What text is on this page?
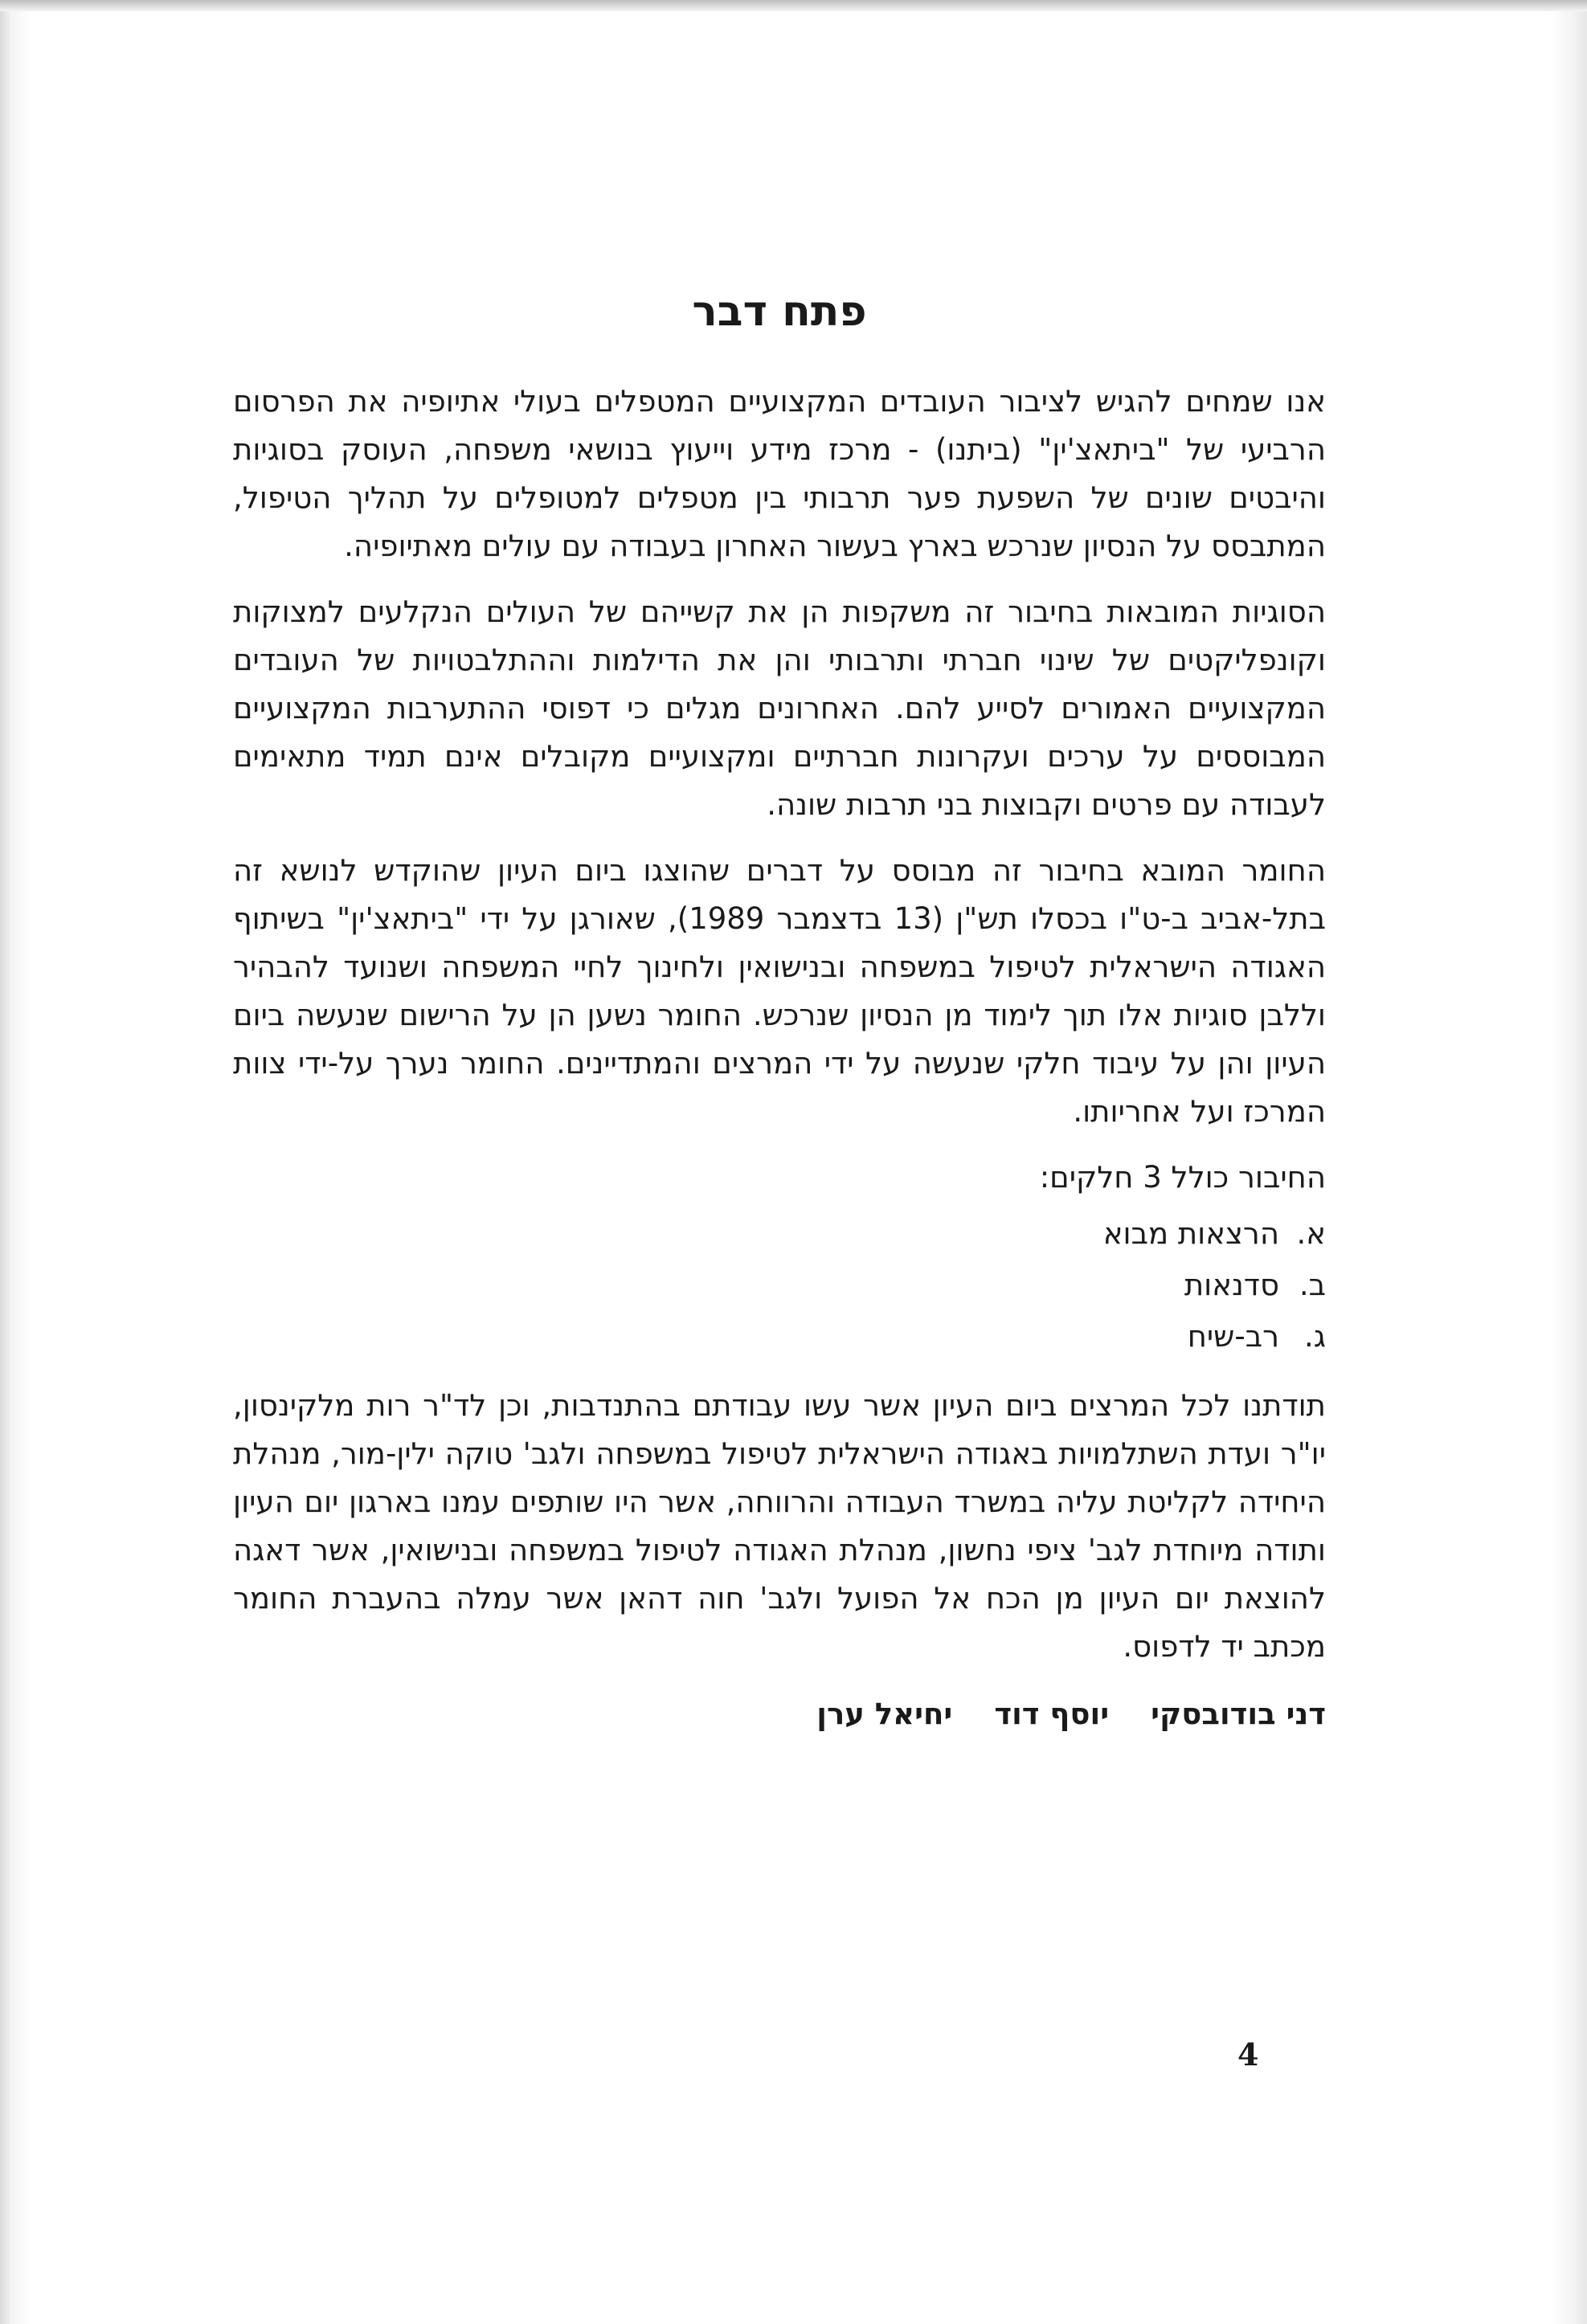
פתח דבר

אנו שמחים להגיש לציבור העובדים המקצועיים המטפלים בעולי אתיופיה את הפרסום הרביעי של "ביתאצ'ין" (ביתנו) - מרכז מידע וייעוץ בנושאי משפחה, העוסק בסוגיות והיבטים שונים של השפעת פער תרבותי בין מטפלים למטופלים על תהליך הטיפול, המתבסס על הנסיון שנרכש בארץ בעשור האחרון בעבודה עם עולים מאתיופיה.

הסוגיות המובאות בחיבור זה משקפות הן את קשייהם של העולים הנקלעים למצוקות וקונפליקטים של שינוי חברתי ותרבותי והן את הדילמות וההתלבטויות של העובדים המקצועיים האמורים לסייע להם. האחרונים מגלים כי דפוסי ההתערבות המקצועיים המבוססים על ערכים ועקרונות חברתיים ומקצועיים מקובלים אינם תמיד מתאימים לעבודה עם פרטים וקבוצות בני תרבות שונה.

החומר המובא בחיבור זה מבוסס על דברים שהוצגו ביום העיון שהוקדש לנושא זה בתל-אביב ב-ט"ו בכסלו תש"ן (13 בדצמבר 1989), שאורגן על ידי "ביתאצ'ין" בשיתוף האגודה הישראלית לטיפול במשפחה ובנישואין ולחינוך לחיי המשפחה ושנועד להבהיר וללבן סוגיות אלו תוך לימוד מן הנסיון שנרכש. החומר נשען הן על הרישום שנעשה ביום העיון והן על עיבוד חלקי שנעשה על ידי המרצים והמתדיינים. החומר נערך על-ידי צוות המרכז ועל אחריותו.

החיבור כולל 3 חלקים:

א.
הרצאות מבוא
ב.
סדנאות
ג.
רב-שיח

תודתנו לכל המרצים ביום העיון אשר עשו עבודתם בהתנדבות, וכן לד"ר רות מלקינסון, יו"ר ועדת השתלמויות באגודה הישראלית לטיפול במשפחה ולגב' טוקה ילין-מור, מנהלת היחידה לקליטת עליה במשרד העבודה והרווחה, אשר היו שותפים עמנו בארגון יום העיון ותודה מיוחדת לגב' ציפי נחשון, מנהלת האגודה לטיפול במשפחה ובנישואין, אשר דאגה להוצאת יום העיון מן הכח אל הפועל ולגב' חוה דהאן אשר עמלה בהעברת החומר מכתב יד לדפוס.

דני בודובסקי
יוסף דוד
יחיאל ערן
4
